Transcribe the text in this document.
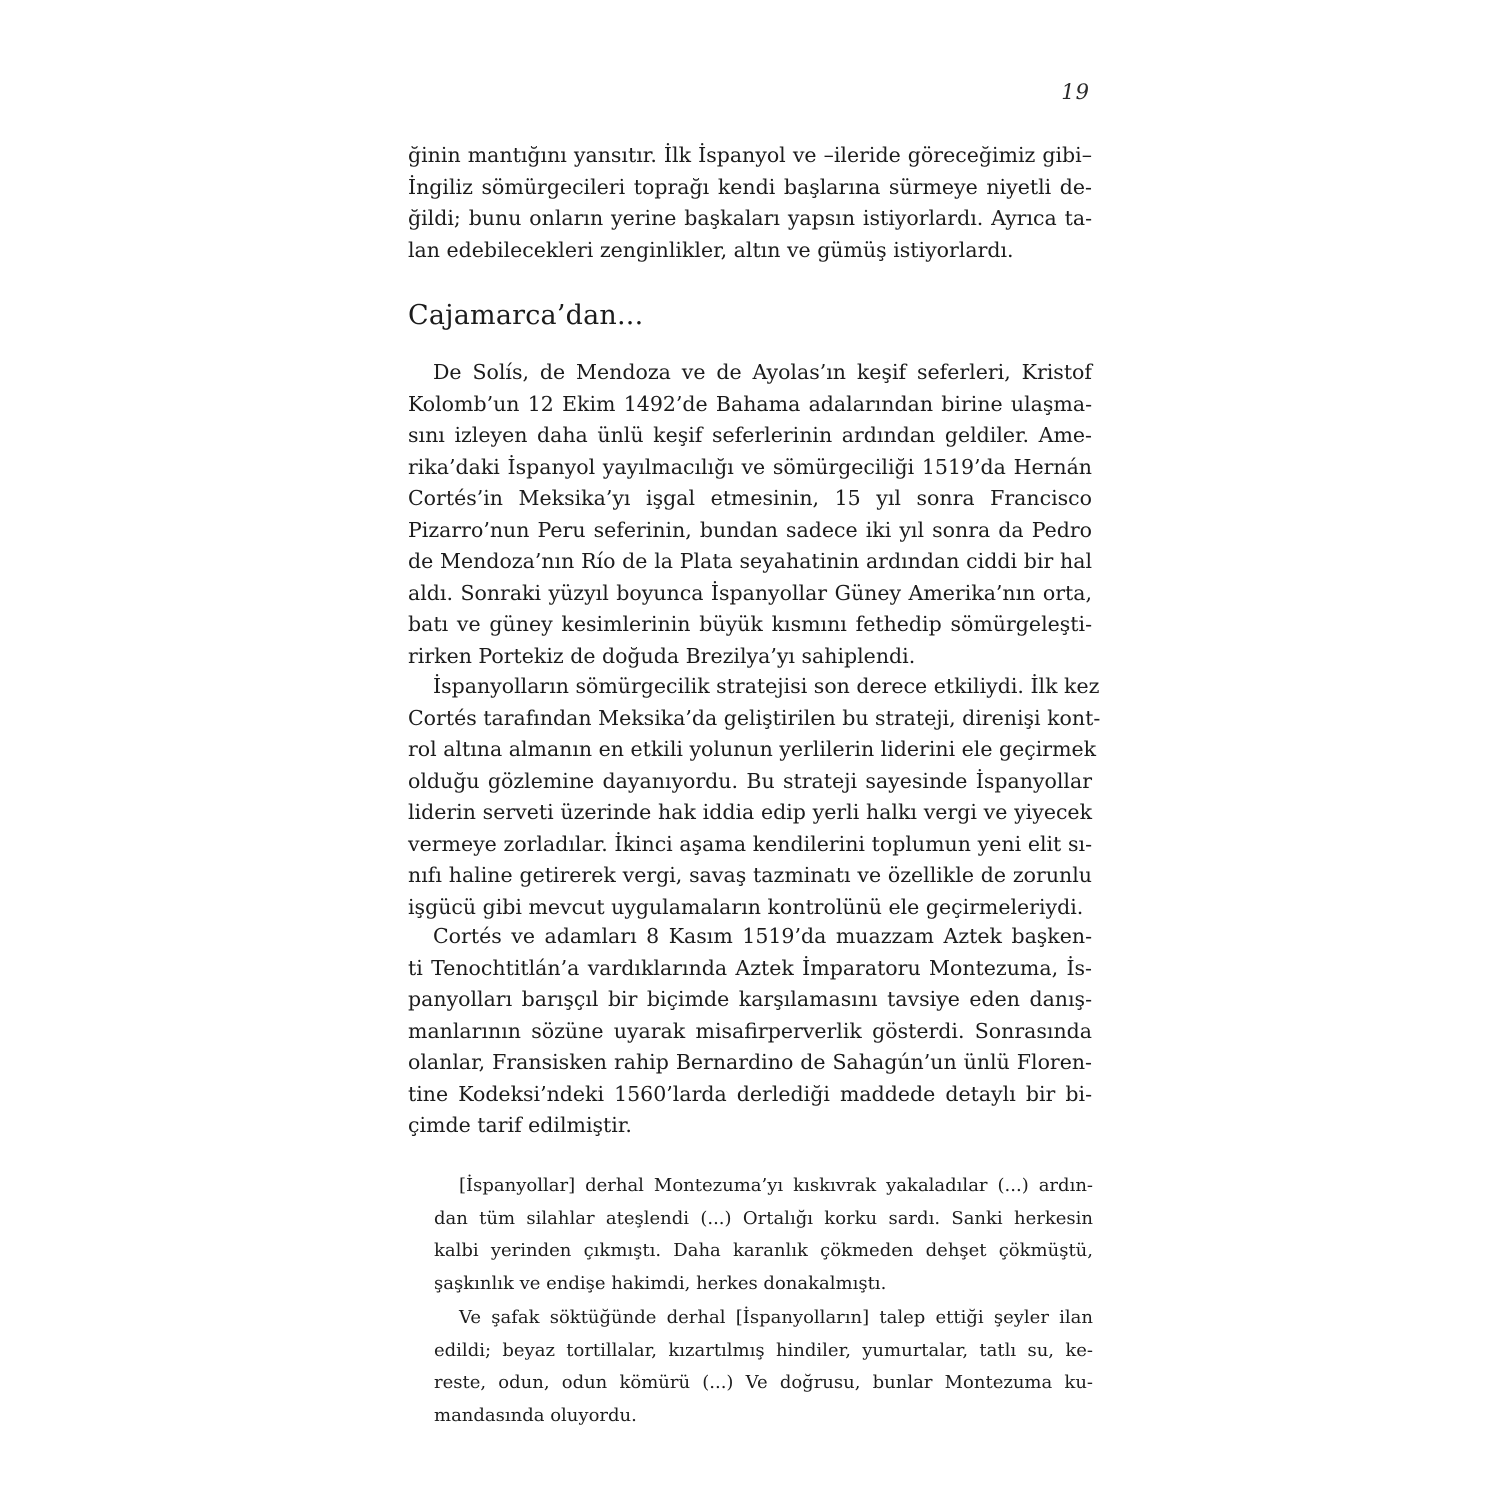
19
ğinin mantığını yansıtır. İlk İspanyol ve –ileride göreceğimiz gibi–
İngiliz sömürgecileri toprağı kendi başlarına sürmeye niyetli de-
ğildi; bunu onların yerine başkaları yapsın istiyorlardı. Ayrıca ta-
lan edebilecekleri zenginlikler, altın ve gümüş istiyorlardı.
Cajamarca’dan...
De Solís, de Mendoza ve de Ayolas’ın keşif seferleri, Kristof
Kolomb’un 12 Ekim 1492’de Bahama adalarından birine ulaşma-
sını izleyen daha ünlü keşif seferlerinin ardından geldiler. Ame-
rika’daki İspanyol yayılmacılığı ve sömürgeciliği 1519’da Hernán
Cortés’in Meksika’yı işgal etmesinin, 15 yıl sonra Francisco
Pizarro’nun Peru seferinin, bundan sadece iki yıl sonra da Pedro
de Mendoza’nın Río de la Plata seyahatinin ardından ciddi bir hal
aldı. Sonraki yüzyıl boyunca İspanyollar Güney Amerika’nın orta,
batı ve güney kesimlerinin büyük kısmını fethedip sömürgeleşti-
rirken Portekiz de doğuda Brezilya’yı sahiplendi.
İspanyolların sömürgecilik stratejisi son derece etkiliydi. İlk kez
Cortés tarafından Meksika’da geliştirilen bu strateji, direnişi kont-
rol altına almanın en etkili yolunun yerlilerin liderini ele geçirmek
olduğu gözlemine dayanıyordu. Bu strateji sayesinde İspanyollar
liderin serveti üzerinde hak iddia edip yerli halkı vergi ve yiyecek
vermeye zorladılar. İkinci aşama kendilerini toplumun yeni elit sı-
nıfı haline getirerek vergi, savaş tazminatı ve özellikle de zorunlu
işgücü gibi mevcut uygulamaların kontrolünü ele geçirmeleriydi.
Cortés ve adamları 8 Kasım 1519’da muazzam Aztek başken-
ti Tenochtitlán’a vardıklarında Aztek İmparatoru Montezuma, İs-
panyolları barışçıl bir biçimde karşılamasını tavsiye eden danış-
manlarının sözüne uyarak misafirperverlik gösterdi. Sonrasında
olanlar, Fransisken rahip Bernardino de Sahagún’un ünlü Floren-
tine Kodeksi’ndeki 1560’larda derlediği maddede detaylı bir bi-
çimde tarif edilmiştir.
[İspanyollar] derhal Montezuma’yı kıskıvrak yakaladılar (...) ardın-
dan tüm silahlar ateşlendi (...) Ortalığı korku sardı. Sanki herkesin
kalbi yerinden çıkmıştı. Daha karanlık çökmeden dehşet çökmüştü,
şaşkınlık ve endişe hakimdi, herkes donakalmıştı.
Ve şafak söktüğünde derhal [İspanyolların] talep ettiği şeyler ilan
edildi; beyaz tortillalar, kızartılmış hindiler, yumurtalar, tatlı su, ke-
reste, odun, odun kömürü (...) Ve doğrusu, bunlar Montezuma ku-
mandasında oluyordu.
